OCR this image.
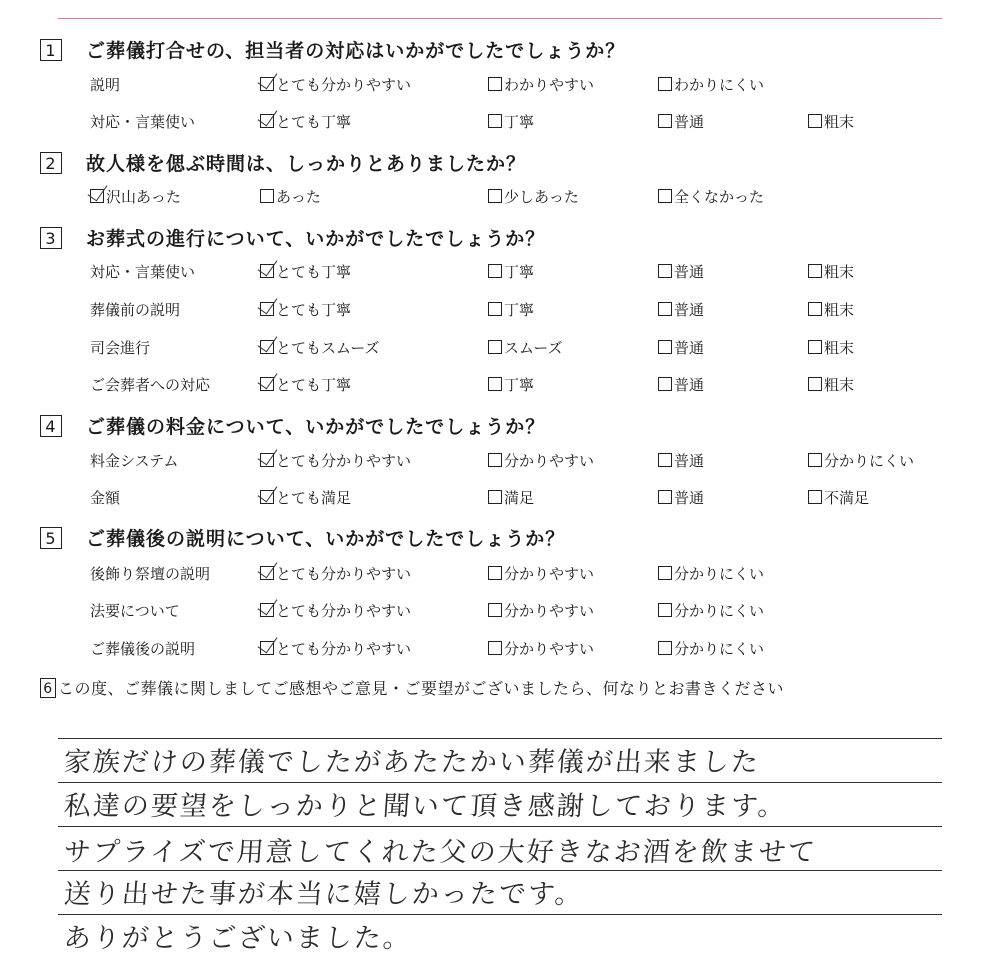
1 ご葬儀打合せの、担当者の対応はいかがでしたでしょうか？
説明	とても分かりやすい	わかりやすい	わかりにくい
対応・言葉使い	とても丁寧	丁寧	普通	粗末
2 故人様を偲ぶ時間は、しっかりとありましたか？
沢山あった	あった	少しあった	全くなかった
3 お葬式の進行について、いかがでしたでしょうか？
対応・言葉使い	とても丁寧	丁寧	普通	粗末
葬儀前の説明	とても丁寧	丁寧	普通	粗末
司会進行	とてもスムーズ	スムーズ	普通	粗末
ご会葬者への対応	とても丁寧	丁寧	普通	粗末
4 ご葬儀の料金について、いかがでしたでしょうか？
料金システム	とても分かりやすい	分かりやすい	普通	分かりにくい
金額	とても満足	満足	普通	不満足
5 ご葬儀後の説明について、いかがでしたでしょうか？
後飾り祭壇の説明	とても分かりやすい	分かりやすい	分かりにくい
法要について	とても分かりやすい	分かりやすい	分かりにくい
ご葬儀後の説明	とても分かりやすい	分かりやすい	分かりにくい
6 この度、ご葬儀に関しましてご感想やご意見・ご要望がございましたら、何なりとお書きください
家族だけの葬儀でしたがあたたかい葬儀が出来ました
私達の要望をしっかりと聞いて頂き感謝しております。
サプライズで用意してくれた父の大好きなお酒を飲ませて
送り出せた事が本当に嬉しかったです。
ありがとうございました。
